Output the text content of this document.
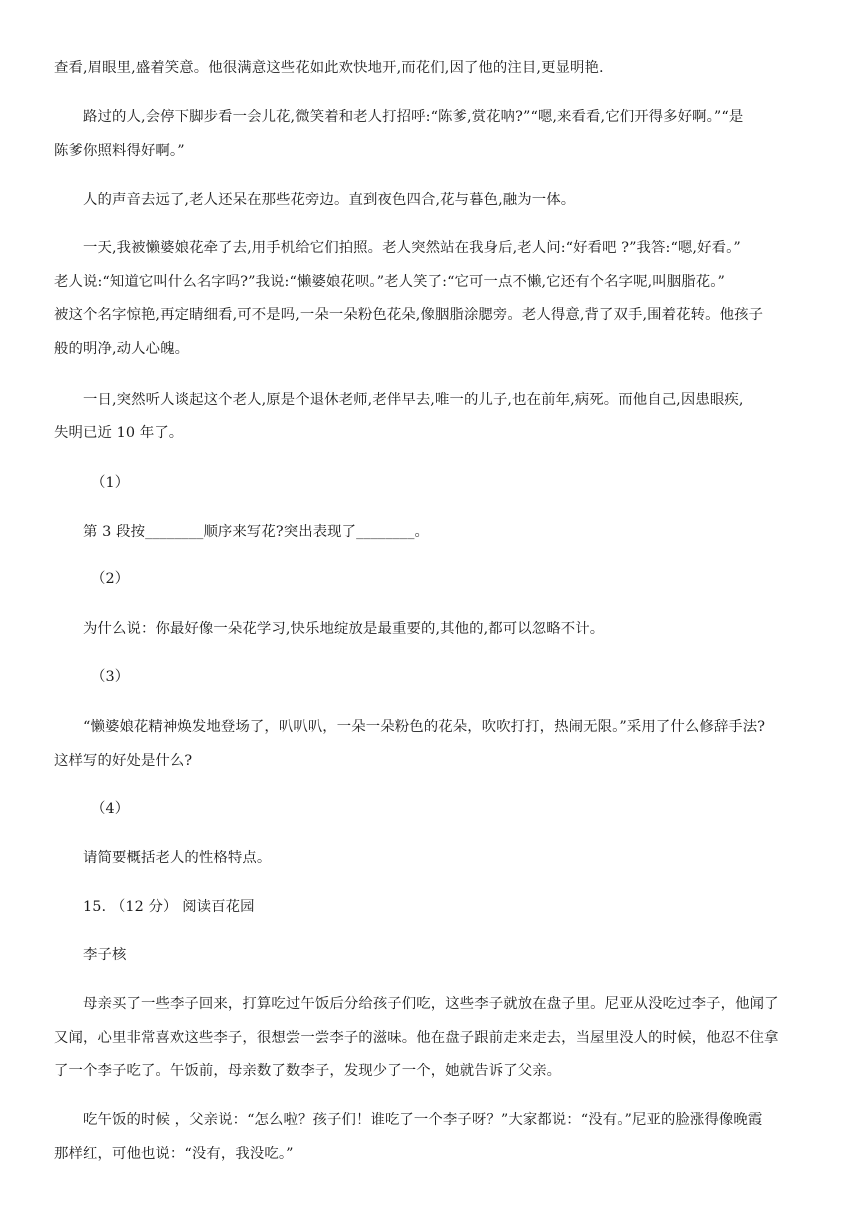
查看,眉眼里,盛着笑意。他很满意这些花如此欢快地开,而花们,因了他的注目,更显明艳.
路过的人,会停下脚步看一会儿花,微笑着和老人打招呼:“陈爹,赏花呐?”“嗯,来看看,它们开得多好啊。”“是
陈爹你照料得好啊。”
人的声音去远了,老人还呆在那些花旁边。直到夜色四合,花与暮色,融为一体。
一天,我被懒婆娘花牵了去,用手机给它们拍照。老人突然站在我身后,老人问:“好看吧 ?”我答:“嗯,好看。”
老人说:“知道它叫什么名字吗?”我说:“懒婆娘花呗。”老人笑了:“它可一点不懒,它还有个名字呢,叫胭脂花。”
被这个名字惊艳,再定睛细看,可不是吗,一朵一朵粉色花朵,像胭脂涂腮旁。老人得意,背了双手,围着花转。他孩子
般的明净,动人心魄。
一日,突然听人谈起这个老人,原是个退休老师,老伴早去,唯一的儿子,也在前年,病死。而他自己,因患眼疾,
失明已近 10 年了。
（1）
第 3 段按________顺序来写花?突出表现了________。
（2）
为什么说：你最好像一朵花学习,快乐地绽放是最重要的,其他的,都可以忽略不计。
（3）
“懒婆娘花精神焕发地登场了，叭叭叭，一朵一朵粉色的花朵，吹吹打打，热闹无限。”采用了什么修辞手法?
这样写的好处是什么?
（4）
请简要概括老人的性格特点。
15. （12 分） 阅读百花园
李子核
母亲买了一些李子回来，打算吃过午饭后分给孩子们吃，这些李子就放在盘子里。尼亚从没吃过李子，他闻了
又闻，心里非常喜欢这些李子，很想尝一尝李子的滋味。他在盘子跟前走来走去，当屋里没人的时候，他忍不住拿
了一个李子吃了。午饭前，母亲数了数李子，发现少了一个，她就告诉了父亲。
吃午饭的时候 ，父亲说：“怎么啦？孩子们！谁吃了一个李子呀？”大家都说：“没有。”尼亚的脸涨得像晚霞
那样红，可他也说：“没有，我没吃。”
